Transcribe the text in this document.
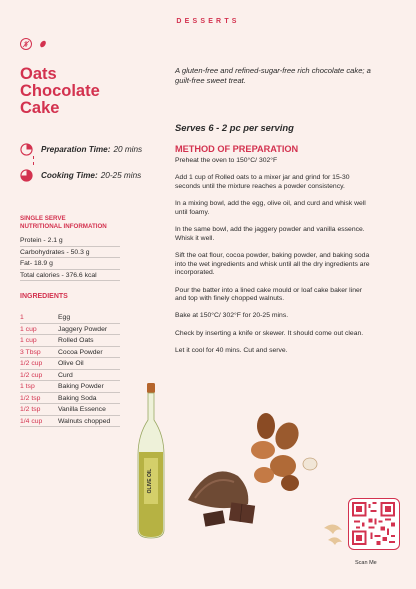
DESSERTS
Oats
Chocolate
Cake
A gluten-free and refined-sugar-free rich chocolate cake; a guilt-free sweet treat.
Preparation Time: 20 mins
Cooking Time: 20-25 mins
SINGLE SERVE
NUTRITIONAL INFORMATION
Protein - 2.1 g
Carbohydrates - 50.3 g
Fat- 18.9 g
Total calories - 376.6 kcal
INGREDIENTS
1	Egg
1 cup	Jaggery Powder
1 cup	Rolled Oats
3 Tbsp	Cocoa Powder
1/2 cup	Olive Oil
1/2 cup	Curd
1 tsp	Baking Powder
1/2 tsp	Baking Soda
1/2 tsp	Vanilla Essence
1/4 cup	Walnuts chopped
Serves 6 - 2 pc per serving
METHOD OF PREPARATION

Preheat the oven to 150°C/ 302°F

Add 1 cup of Rolled oats to a mixer jar and grind for 15-30 seconds until the mixture reaches a powder consistency.

In a mixing bowl, add the egg, olive oil, and curd and whisk well until foamy.

In the same bowl, add the jaggery powder and vanilla essence. Whisk it well.

Sift the oat flour, cocoa powder, baking powder, and baking soda into the wet ingredients and whisk until all the dry ingredients are incorporated.

Pour the batter into a lined cake mould or loaf cake baker liner and top with finely chopped walnuts.

Bake at 150°C/ 302°F for 20-25 mins.

Check by inserting a knife or skewer. It should come out clean.

Let it cool for 40 mins. Cut and serve.

OLIVE OIL
Scan Me
